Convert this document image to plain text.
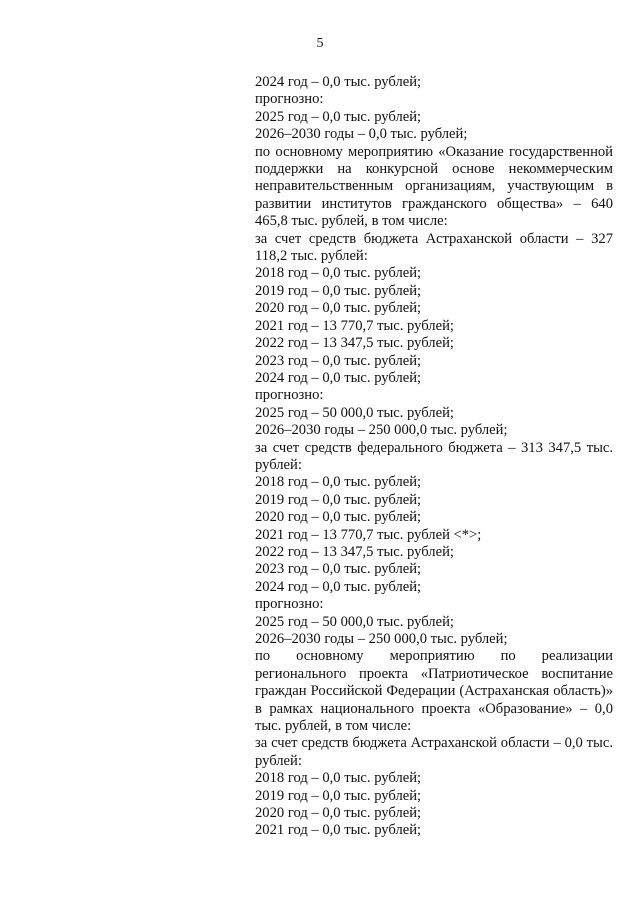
5
2024 год – 0,0 тыс. рублей;
прогнозно:
2025 год – 0,0 тыс. рублей;
2026–2030 годы – 0,0 тыс. рублей;
по основному мероприятию «Оказание государственной поддержки на конкурсной основе некоммерческим неправительственным организациям, участвующим в развитии институтов гражданского общества» – 640 465,8 тыс. рублей, в том числе:
за счет средств бюджета Астраханской области – 327 118,2 тыс. рублей:
2018 год – 0,0 тыс. рублей;
2019 год – 0,0 тыс. рублей;
2020 год – 0,0 тыс. рублей;
2021 год – 13 770,7 тыс. рублей;
2022 год – 13 347,5 тыс. рублей;
2023 год – 0,0 тыс. рублей;
2024 год – 0,0 тыс. рублей;
прогнозно:
2025 год – 50 000,0 тыс. рублей;
2026–2030 годы – 250 000,0 тыс. рублей;
за счет средств федерального бюджета – 313 347,5 тыс. рублей:
2018 год – 0,0 тыс. рублей;
2019 год – 0,0 тыс. рублей;
2020 год – 0,0 тыс. рублей;
2021 год – 13 770,7 тыс. рублей <*>;
2022 год – 13 347,5 тыс. рублей;
2023 год – 0,0 тыс. рублей;
2024 год – 0,0 тыс. рублей;
прогнозно:
2025 год – 50 000,0 тыс. рублей;
2026–2030 годы – 250 000,0 тыс. рублей;
по основному мероприятию по реализации регионального проекта «Патриотическое воспитание граждан Российской Федерации (Астраханская область)» в рамках национального проекта «Образование» – 0,0 тыс. рублей, в том числе:
за счет средств бюджета Астраханской области – 0,0 тыс. рублей:
2018 год – 0,0 тыс. рублей;
2019 год – 0,0 тыс. рублей;
2020 год – 0,0 тыс. рублей;
2021 год – 0,0 тыс. рублей;
